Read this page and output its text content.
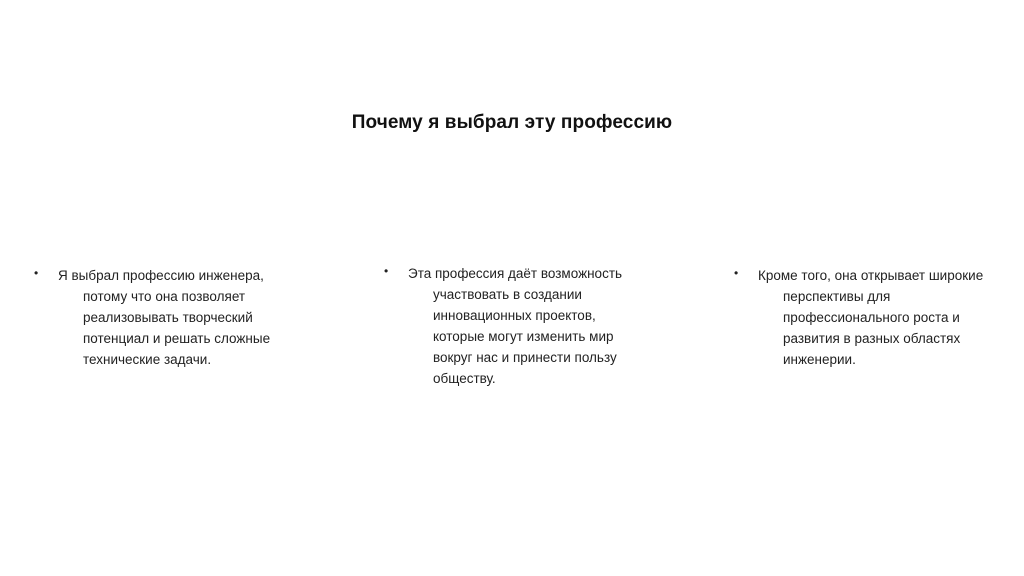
Почему я выбрал эту профессию
• Я выбрал профессию инженера,
потому что она позволяет
реализовывать творческий
потенциал и решать сложные
технические задачи.
• Эта профессия даёт возможность
участвовать в создании
инновационных проектов,
которые могут изменить мир
вокруг нас и принести пользу
обществу.
• Кроме того, она открывает широкие
перспективы для
профессионального роста и
развития в разных областях
инженерии.
